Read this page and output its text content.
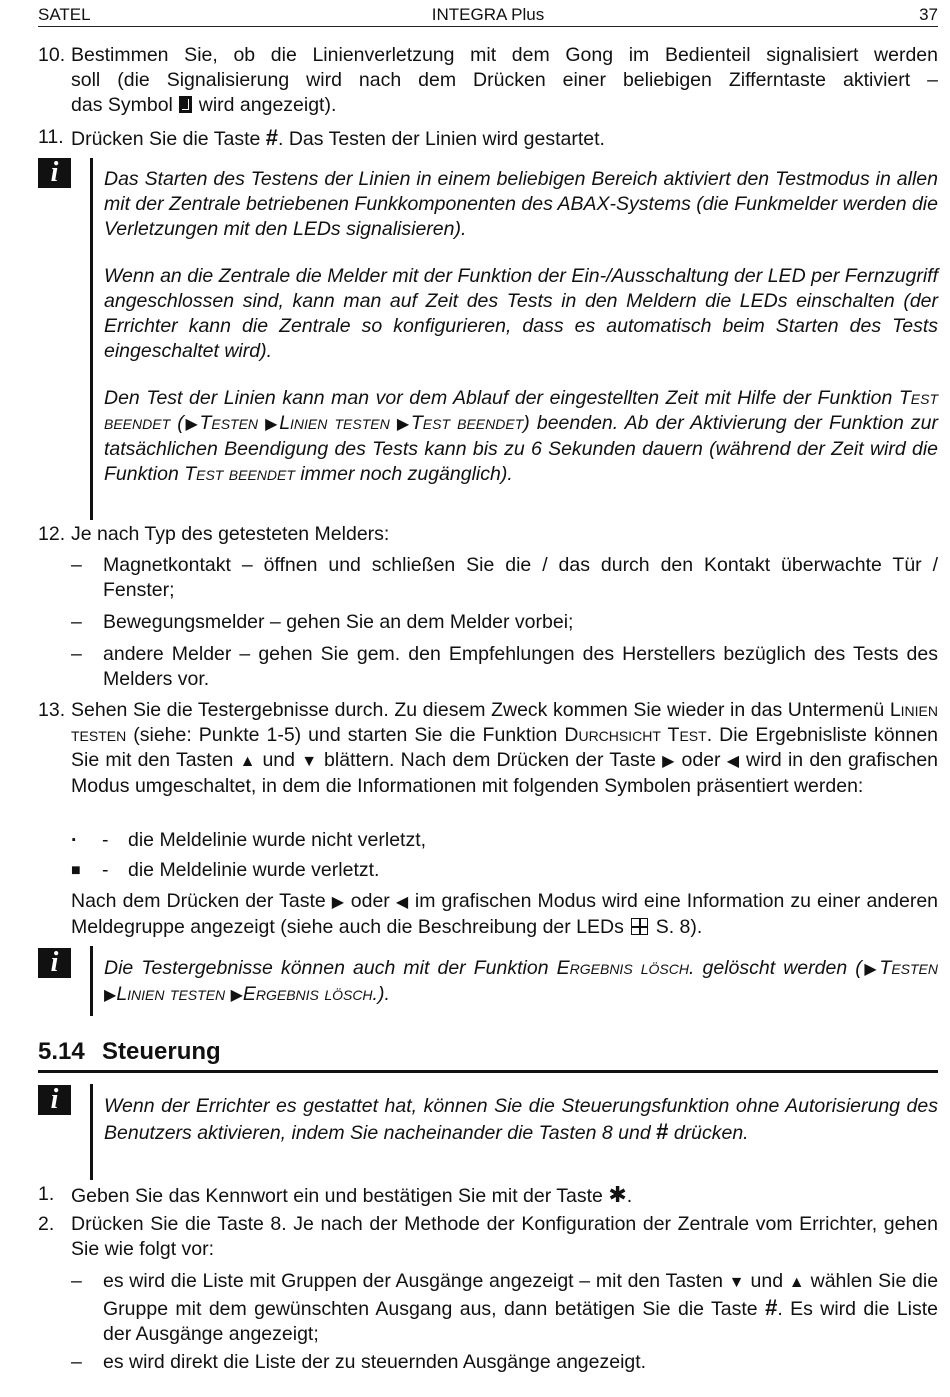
SATEL	INTEGRA Plus	37
10. Bestimmen Sie, ob die Linienverletzung mit dem Gong im Bedienteil signalisiert werden
soll (die Signalisierung wird nach dem Drücken einer beliebigen Zifferntaste aktiviert –
das Symbol wird angezeigt).
11. Drücken Sie die Taste #. Das Testen der Linien wird gestartet.
i	Das Starten des Testens der Linien in einem beliebigen Bereich aktiviert den Testmodus in allen mit der Zentrale betriebenen Funkkomponenten des ABAX-Systems (die Funkmelder werden die Verletzungen mit den LEDs signalisieren).
Wenn an die Zentrale die Melder mit der Funktion der Ein-/Ausschaltung der LED per Fernzugriff angeschlossen sind, kann man auf Zeit des Tests in den Meldern die LEDs einschalten (der Errichter kann die Zentrale so konfigurieren, dass es automatisch beim Starten des Tests eingeschaltet wird).
Den Test der Linien kann man vor dem Ablauf der eingestellten Zeit mit Hilfe der Funktion Test beendet (▶Testen ▶Linien testen ▶Test beendet) beenden. Ab der Aktivierung der Funktion zur tatsächlichen Beendigung des Tests kann bis zu 6 Sekunden dauern (während der Zeit wird die Funktion Test beendet immer noch zugänglich).
12. Je nach Typ des getesteten Melders:
– Magnetkontakt – öffnen und schließen Sie die / das durch den Kontakt überwachte Tür / Fenster;
– Bewegungsmelder – gehen Sie an dem Melder vorbei;
– andere Melder – gehen Sie gem. den Empfehlungen des Herstellers bezüglich des Tests des Melders vor.
13. Sehen Sie die Testergebnisse durch. Zu diesem Zweck kommen Sie wieder in das Untermenü Linien testen (siehe: Punkte 1-5) und starten Sie die Funktion Durchsicht Test. Die Ergebnisliste können Sie mit den Tasten ▲ und ▼ blättern. Nach dem Drücken der Taste ▶ oder ◀ wird in den grafischen Modus umgeschaltet, in dem die Informationen mit folgenden Symbolen präsentiert werden:
· - die Meldelinie wurde nicht verletzt,
■ - die Meldelinie wurde verletzt.
Nach dem Drücken der Taste ▶ oder ◀ im grafischen Modus wird eine Information zu einer anderen Meldegruppe angezeigt (siehe auch die Beschreibung der LEDs S. 8).
i	Die Testergebnisse können auch mit der Funktion Ergebnis lösch. gelöscht werden (▶Testen ▶Linien testen ▶Ergebnis lösch.).
5.14 Steuerung
i	Wenn der Errichter es gestattet hat, können Sie die Steuerungsfunktion ohne Autorisierung des Benutzers aktivieren, indem Sie nacheinander die Tasten 8 und # drücken.
1. Geben Sie das Kennwort ein und bestätigen Sie mit der Taste ✱.
2. Drücken Sie die Taste 8. Je nach der Methode der Konfiguration der Zentrale vom Errichter, gehen Sie wie folgt vor:
– es wird die Liste mit Gruppen der Ausgänge angezeigt – mit den Tasten ▼ und ▲ wählen Sie die Gruppe mit dem gewünschten Ausgang aus, dann betätigen Sie die Taste #. Es wird die Liste der Ausgänge angezeigt;
– es wird direkt die Liste der zu steuernden Ausgänge angezeigt.
